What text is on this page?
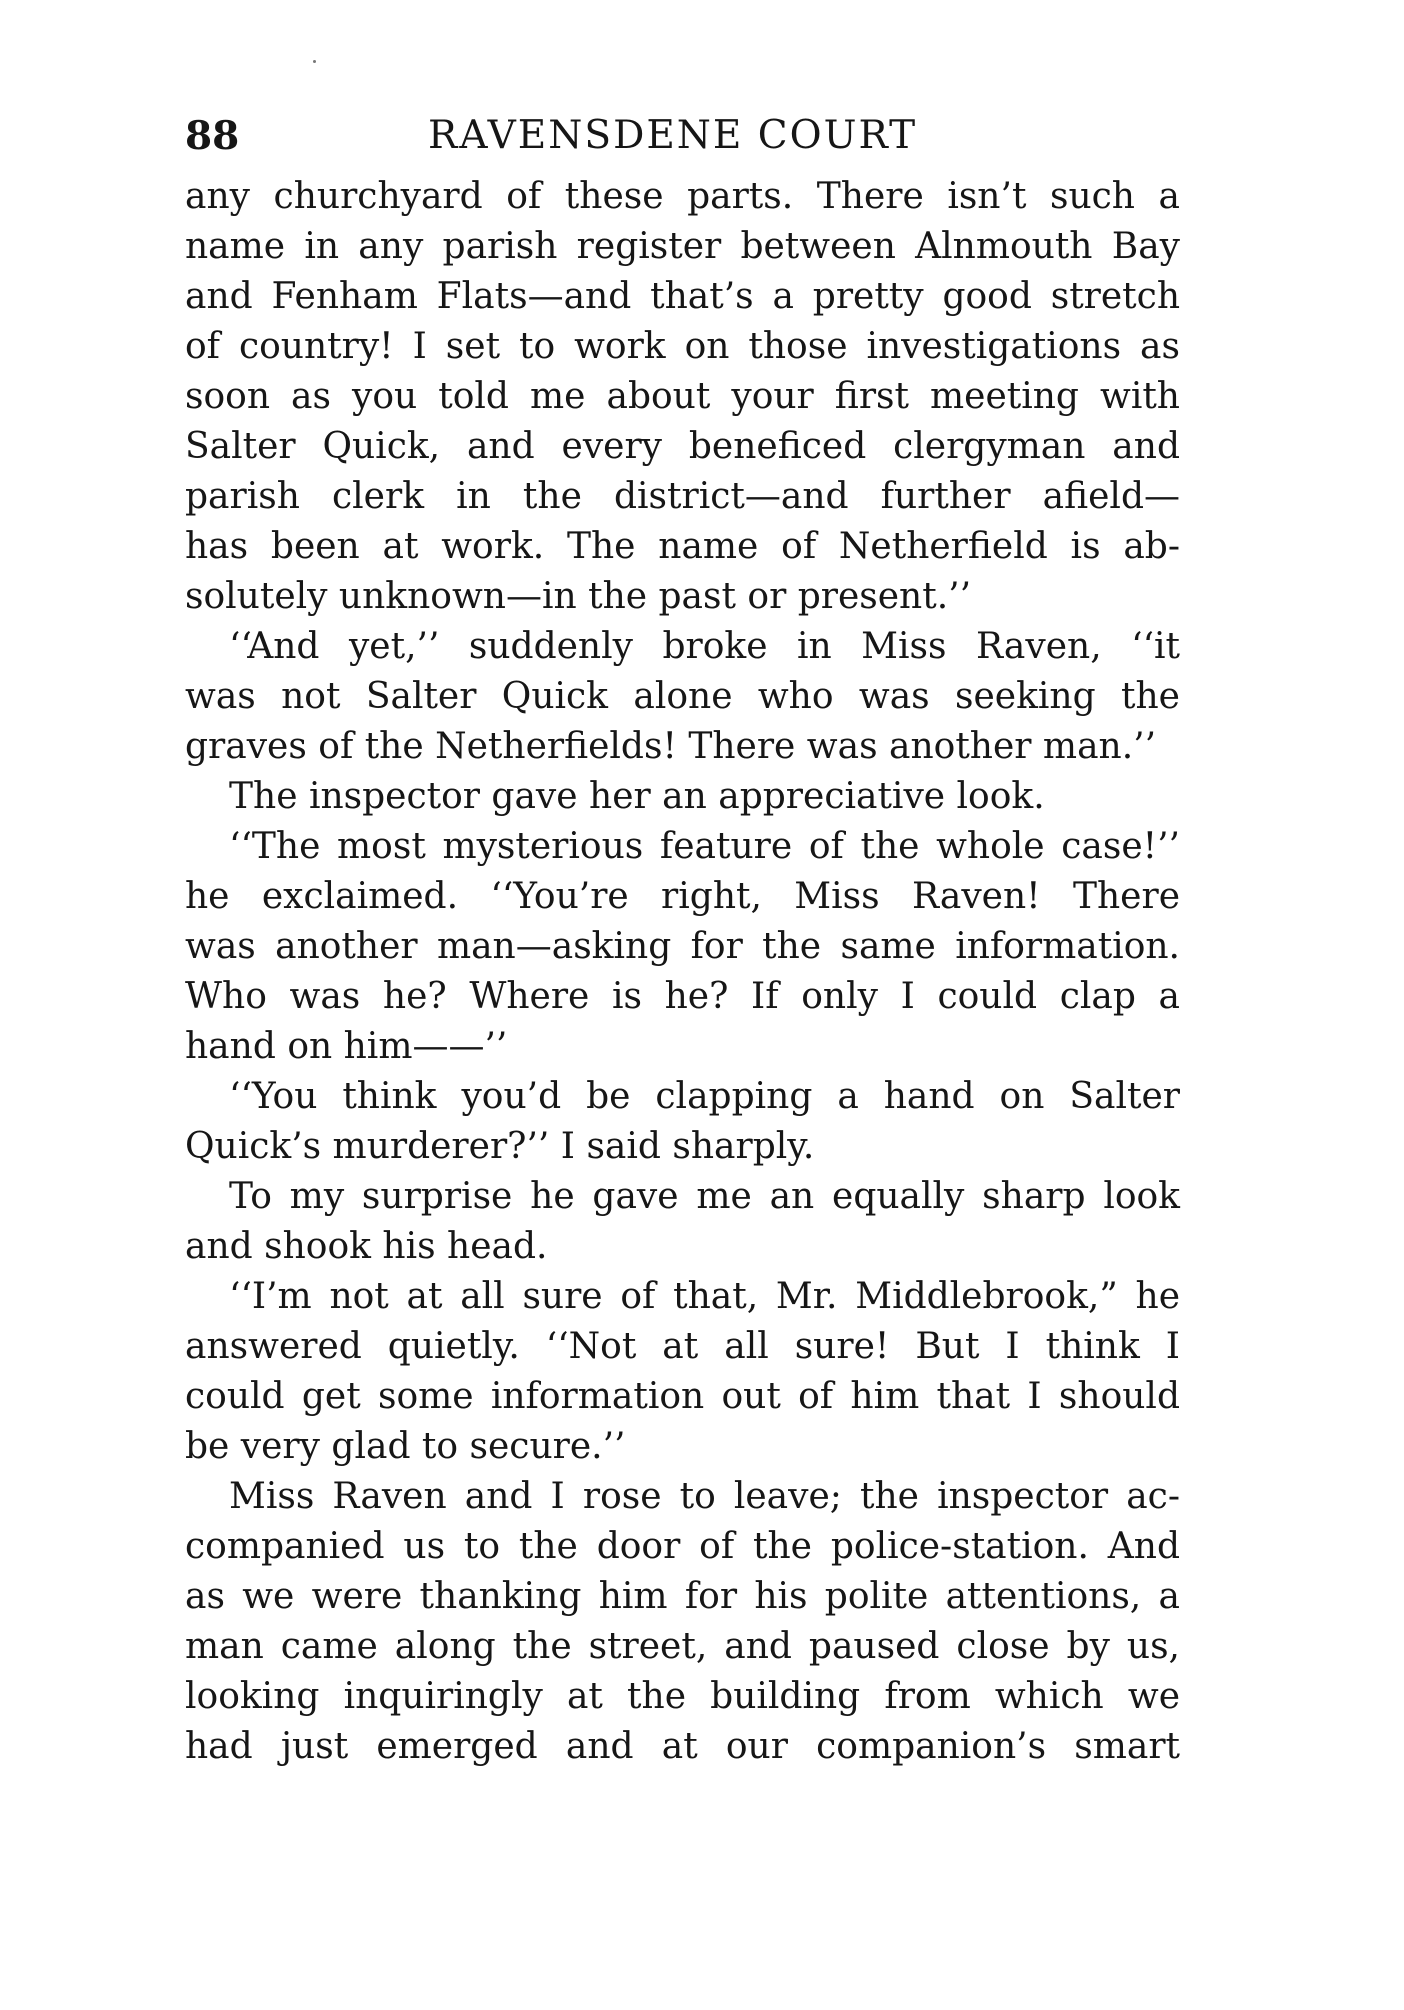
88	RAVENSDENE COURT
any churchyard of these parts. There isn’t such a
name in any parish register between Alnmouth Bay
and Fenham Flats—and that’s a pretty good stretch
of country! I set to work on those investigations as
soon as you told me about your first meeting with
Salter Quick, and every beneficed clergyman and
parish clerk in the district—and further afield—
has been at work. The name of Netherfield is ab-
solutely unknown—in the past or present.’’
‘‘And yet,’’ suddenly broke in Miss Raven, ‘‘it
was not Salter Quick alone who was seeking the
graves of the Netherfields! There was another man.’’
The inspector gave her an appreciative look.
‘‘The most mysterious feature of the whole case!’’
he exclaimed. ‘‘You’re right, Miss Raven! There
was another man—asking for the same information.
Who was he? Where is he? If only I could clap a
hand on him——’’
‘‘You think you’d be clapping a hand on Salter
Quick’s murderer?’’ I said sharply.
To my surprise he gave me an equally sharp look
and shook his head.
‘‘I’m not at all sure of that, Mr. Middlebrook,” he
answered quietly. ‘‘Not at all sure! But I think I
could get some information out of him that I should
be very glad to secure.’’
Miss Raven and I rose to leave; the inspector ac-
companied us to the door of the police-station. And
as we were thanking him for his polite attentions, a
man came along the street, and paused close by us,
looking inquiringly at the building from which we
had just emerged and at our companion’s smart
